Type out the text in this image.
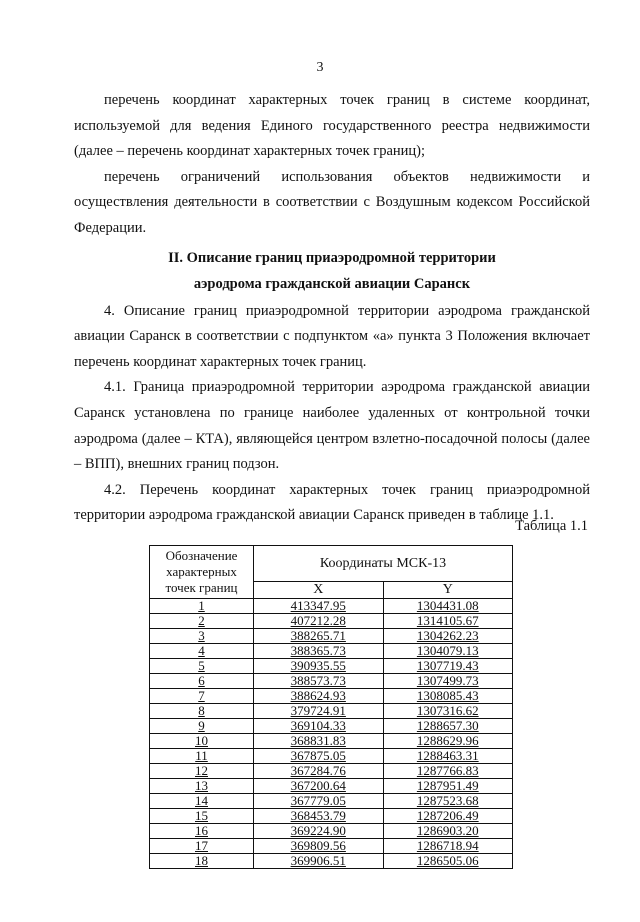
3

перечень координат характерных точек границ в системе координат, используемой для ведения Единого государственного реестра недвижимости (далее – перечень координат характерных точек границ);

перечень ограничений использования объектов недвижимости и осуществления деятельности в соответствии с Воздушным кодексом Российской Федерации.

II. Описание границ приаэродромной территории

аэродрома гражданской авиации Саранск

4. Описание границ приаэродромной территории аэродрома гражданской авиации Саранск в соответствии с подпунктом «а» пункта 3 Положения включает перечень координат характерных точек границ.

4.1. Граница приаэродромной территории аэродрома гражданской авиации Саранск установлена по границе наиболее удаленных от контрольной точки аэродрома (далее – КТА), являющейся центром взлетно-посадочной полосы (далее – ВПП), внешних границ подзон.

4.2. Перечень координат характерных точек границ приаэродромной территории аэродрома гражданской авиации Саранск приведен в таблице 1.1.

Таблица 1.1
Обозначение характерных точек границ	Координаты МСК-13	
	X	Y
1	413347.95	1304431.08
2	407212.28	1314105.67
3	388265.71	1304262.23
4	388365.73	1304079.13
5	390935.55	1307719.43
6	388573.73	1307499.73
7	388624.93	1308085.43
8	379724.91	1307316.62
9	369104.33	1288657.30
10	368831.83	1288629.96
11	367875.05	1288463.31
12	367284.76	1287766.83
13	367200.64	1287951.49
14	367779.05	1287523.68
15	368453.79	1287206.49
16	369224.90	1286903.20
17	369809.56	1286718.94
18	369906.51	1286505.06
